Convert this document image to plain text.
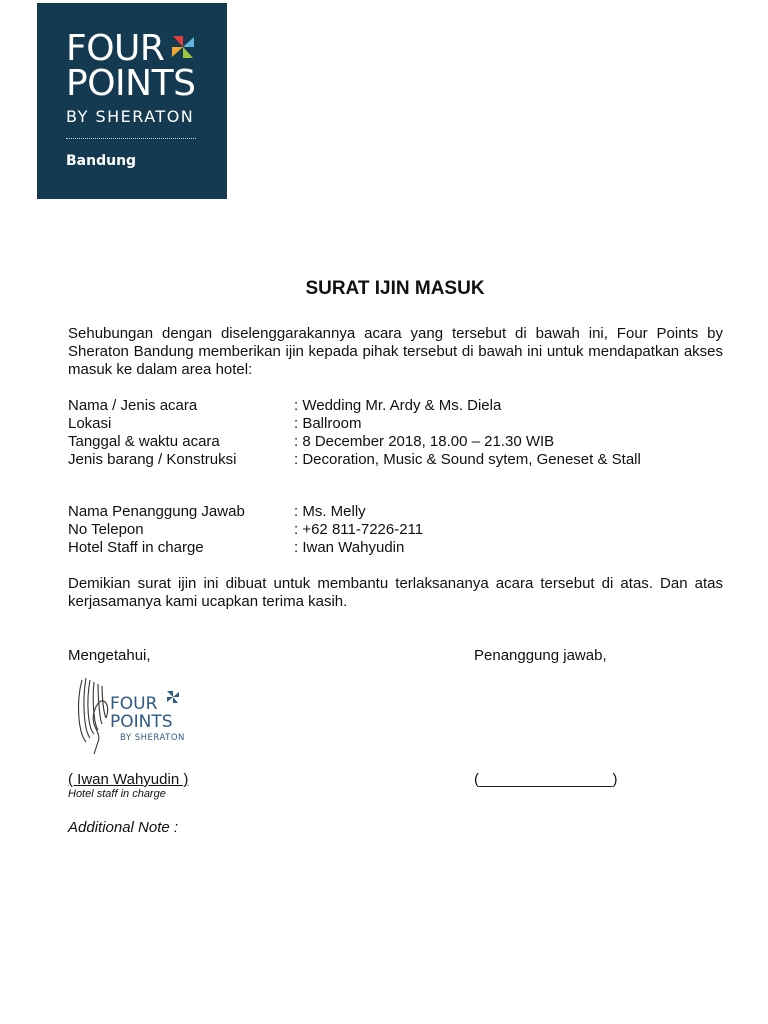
FOUR
POINTS
BY SHERATON
Bandung
SURAT IJIN MASUK
Sehubungan dengan diselenggarakannya acara yang tersebut di bawah ini, Four Points by Sheraton Bandung memberikan ijin kepada pihak tersebut di bawah ini untuk mendapatkan akses masuk ke dalam area hotel:
Nama / Jenis acara	: Wedding Mr. Ardy & Ms. Diela
Lokasi	: Ballroom
Tanggal & waktu acara	: 8 December 2018, 18.00 – 21.30 WIB
Jenis barang / Konstruksi	: Decoration, Music & Sound sytem, Geneset & Stall
Nama Penanggung Jawab	: Ms. Melly
No Telepon	: +62 811-7226-211
Hotel Staff in charge	: Iwan Wahyudin
Demikian surat ijin ini dibuat untuk membantu terlaksananya acara tersebut di atas. Dan atas kerjasamanya kami ucapkan terima kasih.
Mengetahui,	Penanggung jawab,
FOUR
POINTS
BY SHERATON
( Iwan Wahyudin )
Hotel staff in charge
(________________)
Additional Note :
